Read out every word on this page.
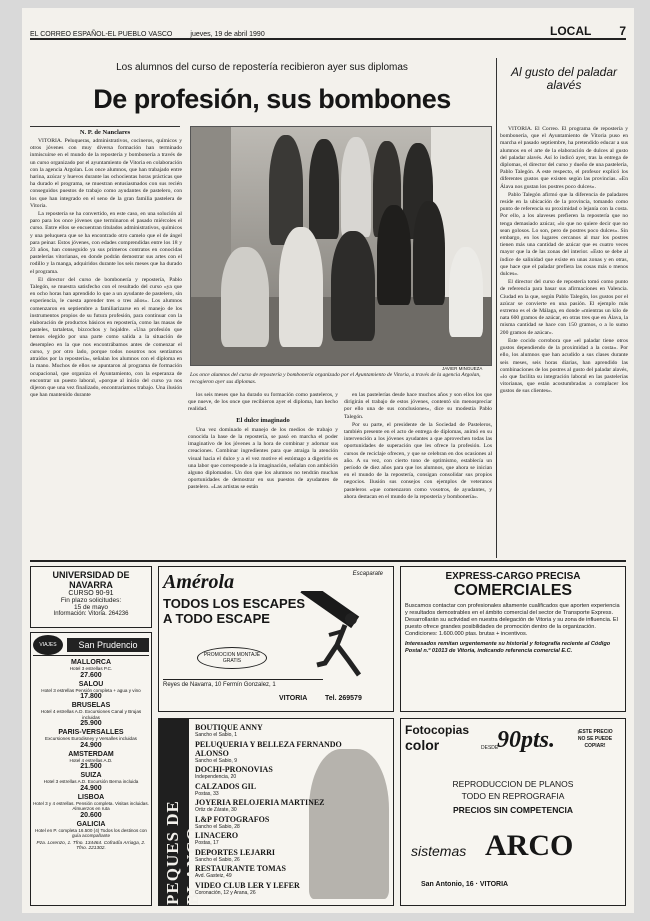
EL CORREO ESPAÑOL-EL PUEBLO VASCO	jueves, 19 de abril 1990	LOCAL 7
Los alumnos del curso de repostería recibieron ayer sus diplomas
De profesión, sus bombones
N. P. de Nanclares

VITORIA. Peluqueras, administrativos, cocineros, químicos y otros jóvenes con muy diversa formación han terminado inmiscuirse en el mundo de la repostería y bombonería a través de un curso organizado por el ayuntamiento de Vitoria en colaboración con la agencia Argolan. Los once alumnos, que han trabajado entre harina, azúcar y huevos durante las ochocientas horas prácticas que ha durado el programa, se muestran entusiasmados con sus recién conseguidos puestos de trabajo como ayudantes de pastelero, con los que han integrado en el seno de la gran familia pastelera de Vitoria.

La repostería se ha convertido, en este caso, en una solución al paro para los once jóvenes que terminaron el pasado miércoles el curso. Entre ellos se encuentran titulados administrativos, químicos y una peluquera que se ha encontrado otro camelo que el de ángel para peinar. Estos jóvenes, con edades comprendidas entre los 18 y 23 años, han conseguido ya sus primeros contratos en conocidas pastelerías vitorianas, en donde podrán demostrar sus artes con el rodillo y la manga, adquiridos durante los seis meses que ha durado el programa.

El director del curso de bombonería y repostería, Pablo Talegón, se muestra satisfecho con el resultado del curso «ya que en ocho horas han aprendido lo que a un ayudante de pastelero, sin experiencia, le cuesta aprender tres o tres años». Los alumnos comenzaron en septiembre a familiarizarse en el manejo de los instrumentos propios de su futura profesión, para continuar con la elaboración de productos básicos en repostería, como las masas de pasteles, tartaletas, bizcochos y hojaldre. «Una profesión que hemos elegido por una parte como salida a la situación de desempleo en la que nos encontrábamos antes de comenzar el curso, y por otro lado, porque todos nosotros nos sentíamos atraídos por la repostería», señalan los alumnos con el diploma en la mano. Muchos de ellos se apuntaron al programa de formación ocupacional, que organiza el Ayuntamiento, con la esperanza de encontrar un puesto laboral, «porque al inicio del curso ya nos dijeron que una vez finalizado, encontraríamos trabajo. Una ilusión que han mantenido durante

JAVIER MINGUEZA
Los once alumnos del curso de repostería y bombonería organizado por el Ayuntamiento de Vitoria, a través de la agencia Argolan, recogieron ayer sus diplomas.

los seis meses que ha durado su formación como pasteleros, y que nueve, de los once que recibieron ayer el diploma, han hecho realidad.

El dulce imaginado

Una vez dominado el manejo de los medios de trabajo y conocida la base de la repostería, se pasó en marcha el poder imaginativo de los jóvenes a la hora de combinar y adornar sus creaciones. Combinar ingredientes para que atraiga la atención visual hacia el dulce y a el vez motive el estómago a digerirlo es una labor que corresponde a la imaginación, señalan con ambición alguno diplomados. Un don que los alumnos no tendrán muchas oportunidades de demostrar en sus puestos de ayudantes de pastelero. «Las artistas se están

en las pastelerías desde hace muchos años y son ellos los que dirigirán el trabajo de estos jóvenes, contentó sin menospreciar por ello una de sus conclusiones», dice su modestía Pablo Talegón.

Por su parte, el presidente de la Sociedad de Pasteleros, también presente en el acto de entrega de diplomas, animó en su intervención a los jóvenes ayudantes a que aprovechen todas las oportunidades de superación que les ofrece la profesión. Los cursos de reciclaje ofrecen, y que se celebran en dos ocasiones al año. A su vez, con cierto tono de optimismo, establecía un período de diez años para que los alumnos, que ahora se inician en el mundo de la repostería, consigan consolidar sus propios negocios. Ilusión sus consejos con ejemplos de veteranos pasteleros «que comenzaron como vosotros, de ayudantes, y ahora destacan en el mundo de la repostería y bombonería».

Al gusto del paladar alavés

VITORIA. El Correo. El programa de repostería y bombonería, que el Ayuntamiento de Vitoria puso en marcha el pasado septiembre, ha pretendido educar a sus alumnos en el arte de la elaboración de dulces al gusto del paladar alavés. Así lo indicó ayer, tras la entrega de diplomas, el director del curso y dueño de una pastelería, Pablo Talegón. A este respecto, el profesor explicó los diferentes gustos que existen según las provincias. «En Álava nos gustan los postres poco dulces».

Pablo Talegón afirmó que la diferencia de paladares reside en la ubicación de la provincia, tomando como punto de referencia su proximidad o lejanía con la costa. Por ello, a los alaveses prefieren la repostería que no tenga demasiado azúcar, «lo que no quiere decir que no sean golosos. Lo son, pero de postres poco dulces». Sin embargo, en los lugares cercanos al mar los postres tienen más una cantidad de azúcar que es cuatro veces mayor que la de las zonas del interior. «Esto se debe al índice de salinidad que existe en unas zonas y en otras, que hace que el paladar prefiera las cosas más o menos dulces».

El director del curso de repostería tomó como punto de referencia para basar sus afirmaciones en Valencia. Ciudad en la que, según Pablo Talegón, los gustos por el azúcar se convierte en una pasión. El ejemplo más extremo es el de Málaga, en donde «mientras un kilo de nata 600 gramos de azúcar, en otras tres que en Álava, la misma cantidad se hace con 150 gramos, o a lo sumo 200 gramos de azúcar».

Este cocido corrobora que «el paladar tiene otros gustos dependiendo de la proximidad a la costa». Por ello, los alumnos que han acudido a sus clases durante seis meses, seis horas diarias, han aprendido las combinaciones de los postres al gusto del paladar alavés, «lo que facilita su integración laboral en las pastelerías vitorianas, que están acostumbradas a complacer los gustos de sus clientes».

UNIVERSIDAD DE NAVARRA
CURSO 90-91
Fin plazo solicitudes:
15 de mayo
Información: Vitoria. 264236
VIAJES	San Prudencio
MALLORCA
Hotel 3 estrellas P.C.
27.600
SALOU
Hotel 3 estrellas Pensión completa + agua y vino
17.800
BRUSELAS
Hotel 4 estrellas A.D. Excursiones Canal y Brujas incluidas
25.900
PARIS-VERSALLES
Excursiones Eurodisney y Versalles incluidas
24.900
AMSTERDAM
Hotel 4 estrellas A.D.
21.500
SUIZA
Hotel 3 estrellas A.D. Excursión Berna incluida
24.900
LISBOA
Hotel 3 y 4 estrellas. Pensión completa. Visitas incluidas. Almuerzos en ruta
20.600
GALICIA
Hotel en P. completa 16.500 (4) Todos los destinos con guía acompañante
Pza. Lorenzo, 1. Tfno. 134464. Cofradía Arriaga, 2. Tfno. 221302.
Amérola	Escaparate
TODOS LOS ESCAPES
A TODO ESCAPE
PROMOCION MONTAJE GRATIS
Reyes de Navarra, 10 Fermín Gonzalez, 1
VITORIA	Tel. 269579
EXPRESS-CARGO PRECISA
COMERCIALES
Buscamos contactar con profesionales altamente cualificados que aporten experiencia y resultados demostrables en el ámbito comercial del sector de Transporte Express. Desarrollarán su actividad en nuestra delegación de Vitoria y su zona de influencia. El puesto ofrece grandes posibilidades de promoción dentro de la organización. Condiciones: 1.600.000 ptas. brutas + incentivos.
Interesados remitan urgentemente su historial y fotografía reciente al Código Postal n.º 01013 de Vitoria, indicando referencia comercial E.C.
PEQUES DE BLANCO
BOUTIQUE ANNY
Sancho el Sabio, 1
PELUQUERIA Y BELLEZA FERNANDO ALONSO
Sancho el Sabio, 9
DOCHI-PRONOVIAS
Independencia, 20
CALZADOS GIL
Postas, 33
JOYERIA RELOJERIA MARTINEZ
Ortiz de Zárate, 30
L&P FOTOGRAFOS
Sancho el Sabio, 28
LINACERO
Postas, 17
DEPORTES LEJARRI
Sancho el Sabio, 26
RESTAURANTE TOMAS
Avd. Gasteiz, 49
VIDEO CLUB LER Y LEFER
Coronación, 12 y Arana, 26
Fotocopias
color	DESDE
90pts.	¡ESTE PRECIO NO SE PUEDE COPIAR!
REPRODUCCION DE PLANOS
TODO EN REPROGRAFIA
PRECIOS SIN COMPETENCIA
sistemas ARCO
San Antonio, 16 · VITORIA
